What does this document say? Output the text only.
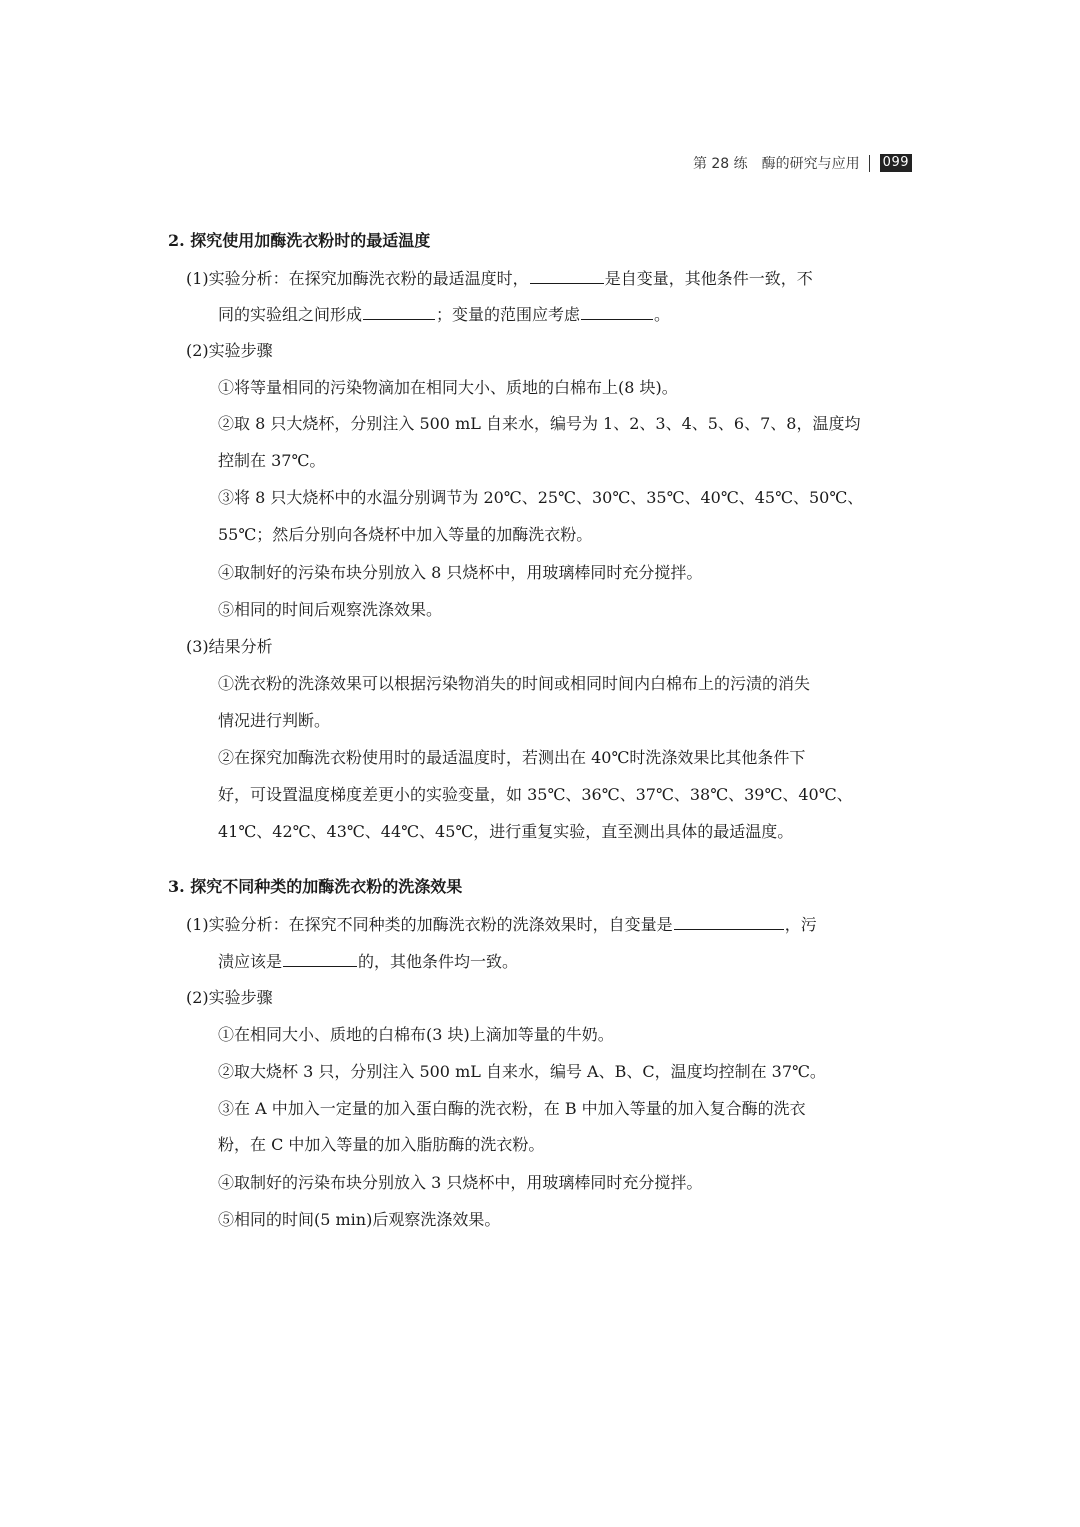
第 28 练　酶的研究与应用 099
2. 探究使用加酶洗衣粉时的最适温度
(1)实验分析：在探究加酶洗衣粉的最适温度时，	是自变量，其他条件一致，不
同的实验组之间形成	；变量的范围应考虑	。
(2)实验步骤
①将等量相同的污染物滴加在相同大小、质地的白棉布上(8 块)。
②取 8 只大烧杯，分别注入 500 mL 自来水，编号为 1、2、3、4、5、6、7、8，温度均
控制在 37℃。
③将 8 只大烧杯中的水温分别调节为 20℃、25℃、30℃、35℃、40℃、45℃、50℃、
55℃；然后分别向各烧杯中加入等量的加酶洗衣粉。
④取制好的污染布块分别放入 8 只烧杯中，用玻璃棒同时充分搅拌。
⑤相同的时间后观察洗涤效果。
(3)结果分析
①洗衣粉的洗涤效果可以根据污染物消失的时间或相同时间内白棉布上的污渍的消失
情况进行判断。
②在探究加酶洗衣粉使用时的最适温度时，若测出在 40℃时洗涤效果比其他条件下
好，可设置温度梯度差更小的实验变量，如 35℃、36℃、37℃、38℃、39℃、40℃、
41℃、42℃、43℃、44℃、45℃，进行重复实验，直至测出具体的最适温度。
3. 探究不同种类的加酶洗衣粉的洗涤效果
(1)实验分析：在探究不同种类的加酶洗衣粉的洗涤效果时，自变量是	，污
渍应该是	的，其他条件均一致。
(2)实验步骤
①在相同大小、质地的白棉布(3 块)上滴加等量的牛奶。
②取大烧杯 3 只，分别注入 500 mL 自来水，编号 A、B、C，温度均控制在 37℃。
③在 A 中加入一定量的加入蛋白酶的洗衣粉，在 B 中加入等量的加入复合酶的洗衣
粉，在 C 中加入等量的加入脂肪酶的洗衣粉。
④取制好的污染布块分别放入 3 只烧杯中，用玻璃棒同时充分搅拌。
⑤相同的时间(5 min)后观察洗涤效果。
